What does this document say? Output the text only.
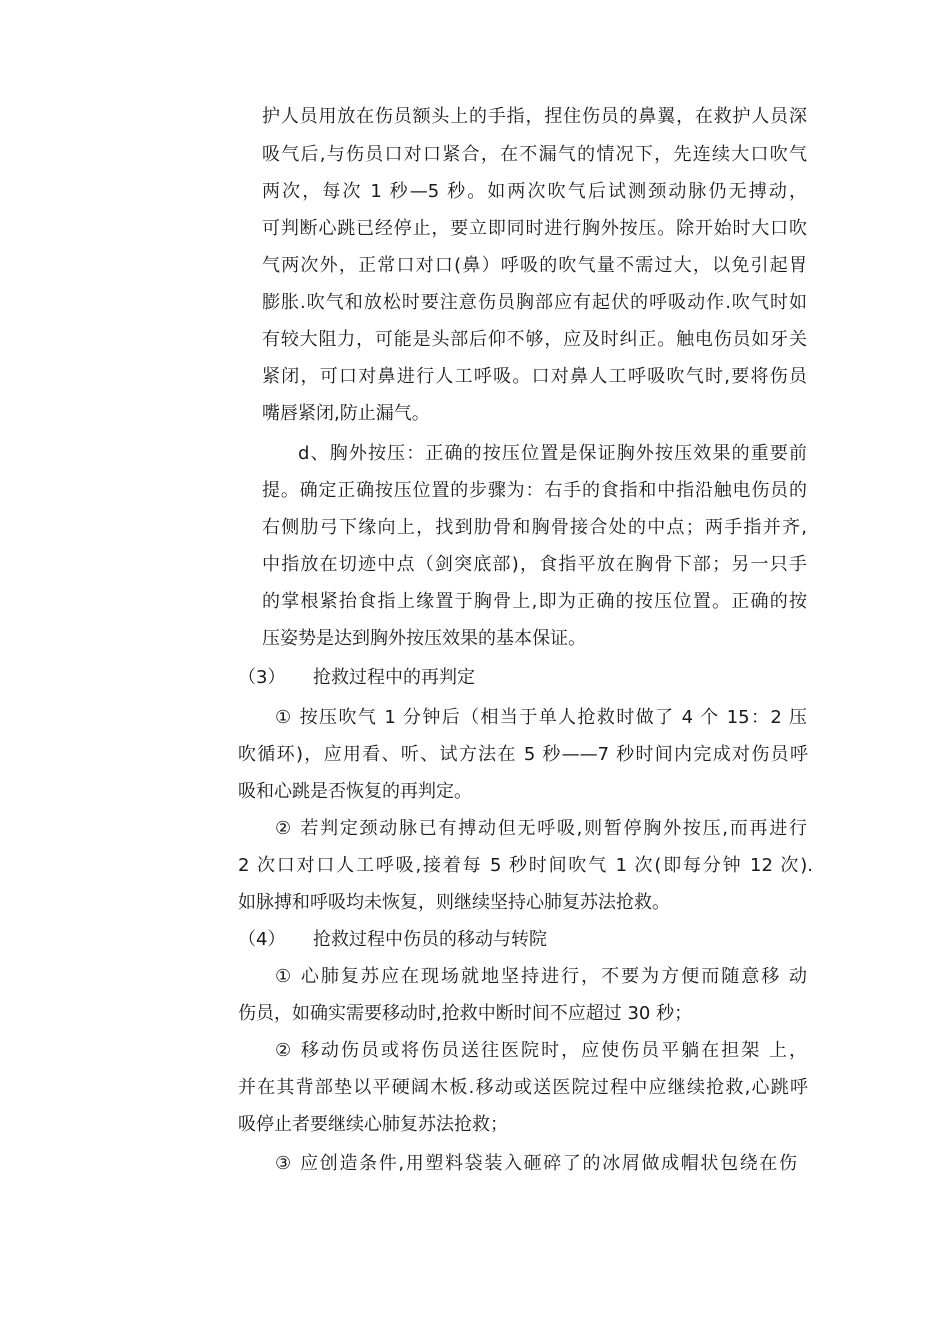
护人员用放在伤员额头上的手指，捏住伤员的鼻翼，在救护人员深
吸气后,与伤员口对口紧合，在不漏气的情况下，先连续大口吹气
两次，每次 1 秒—5 秒。如两次吹气后试测颈动脉仍无搏动，
可判断心跳已经停止，要立即同时进行胸外按压。除开始时大口吹
气两次外，正常口对口(鼻）呼吸的吹气量不需过大，以免引起胃
膨胀.吹气和放松时要注意伤员胸部应有起伏的呼吸动作.吹气时如
有较大阻力，可能是头部后仰不够，应及时纠正。触电伤员如牙关
紧闭，可口对鼻进行人工呼吸。口对鼻人工呼吸吹气时,要将伤员
嘴唇紧闭,防止漏气。
d、胸外按压：正确的按压位置是保证胸外按压效果的重要前
提。确定正确按压位置的步骤为：右手的食指和中指沿触电伤员的
右侧肋弓下缘向上，找到肋骨和胸骨接合处的中点；两手指并齐,
中指放在切迹中点（剑突底部)，食指平放在胸骨下部；另一只手
的掌根紧抬食指上缘置于胸骨上,即为正确的按压位置。正确的按
压姿势是达到胸外按压效果的基本保证。
（3） 抢救过程中的再判定
① 按压吹气 1 分钟后（相当于单人抢救时做了 4 个 15：2 压
吹循环)，应用看、听、试方法在 5 秒——7 秒时间内完成对伤员呼
吸和心跳是否恢复的再判定。
② 若判定颈动脉已有搏动但无呼吸,则暂停胸外按压,而再进行
2 次口对口人工呼吸,接着每 5 秒时间吹气 1 次(即每分钟 12 次).
如脉搏和呼吸均未恢复，则继续坚持心肺复苏法抢救。
（4） 抢救过程中伤员的移动与转院
① 心肺复苏应在现场就地坚持进行，不要为方便而随意移 动
伤员，如确实需要移动时,抢救中断时间不应超过 30 秒；
② 移动伤员或将伤员送往医院时，应使伤员平躺在担架 上，
并在其背部垫以平硬阔木板.移动或送医院过程中应继续抢救,心跳呼
吸停止者要继续心肺复苏法抢救；
③ 应创造条件,用塑料袋装入砸碎了的冰屑做成帽状包绕在伤
